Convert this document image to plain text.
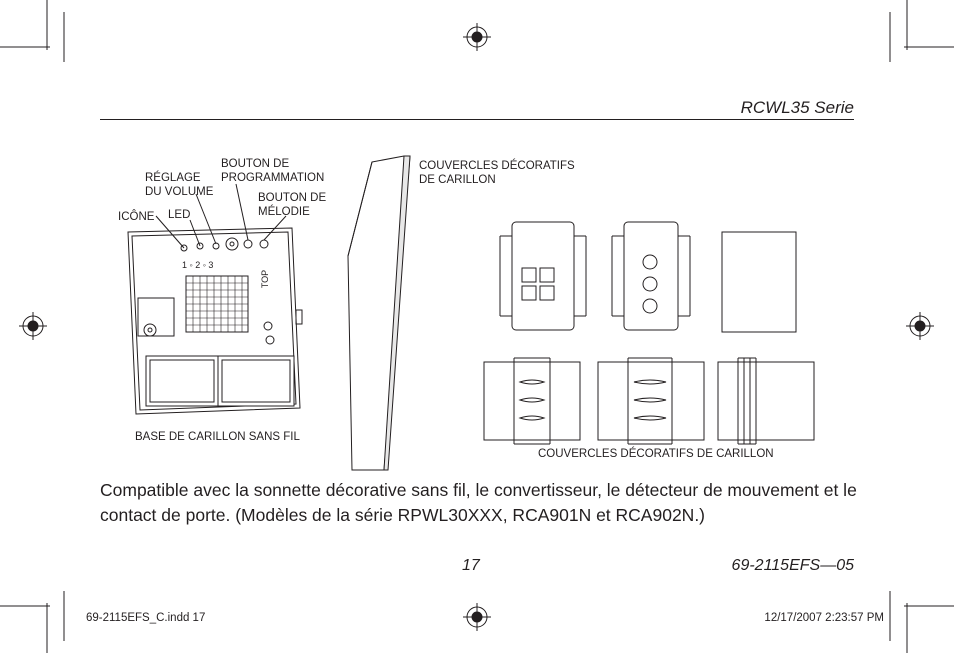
1 ◦ 2 ◦ 3
RCWL35 Serie
ICÔNE LED
RÉGLAGE
DU VOLUME
BOUTON DE
PROGRAMMATION
BOUTON DE
MÉLODIE
TOP
BASE DE CARILLON SANS FIL
COUVERCLES DÉCORATIFS
DE CARILLON
COUVERCLES DÉCORATIFS DE CARILLON
Compatible avec la sonnette décorative sans fil, le convertisseur, le détecteur de mouvement et le contact de porte. (Modèles de la série RPWL30XXX, RCA901N et RCA902N.)
17	69-2115EFS—05
69-2115EFS_C.indd 17	12/17/2007 2:23:57 PM
